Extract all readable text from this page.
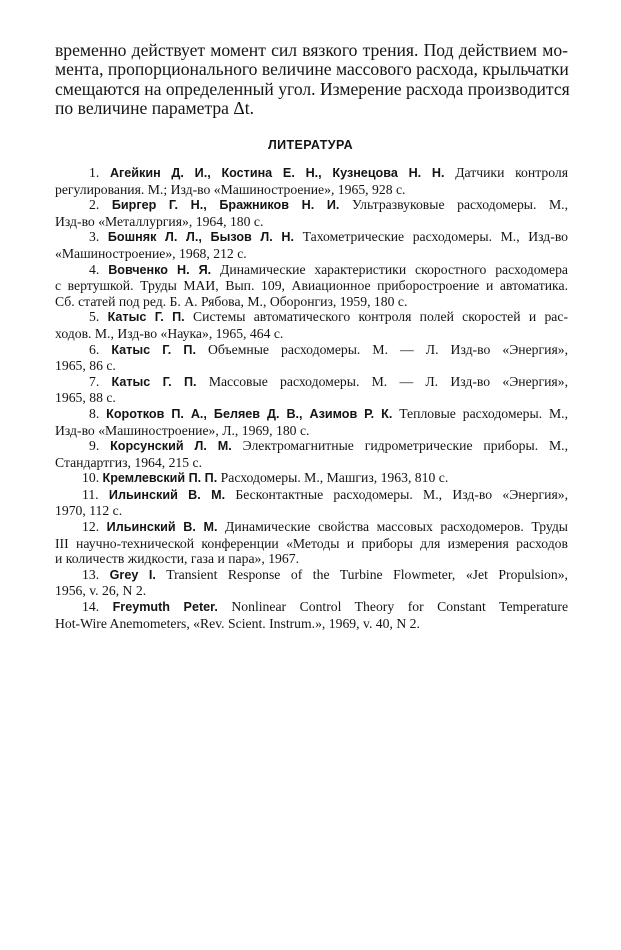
временно действует момент сил вязкого трения. Под действием мо-
мента, пропорционального величине массового расхода, крыльчатки
смещаются на определенный угол. Измерение расхода производится
по величине параметра Δt.
ЛИТЕРАТУРА
1. Агейкин Д. И., Костина Е. Н., Кузнецова Н. Н. Датчики контроля
регулирования. М.; Изд-во «Машиностроение», 1965, 928 с.
2. Биргер Г. Н., Бражников Н. И. Ультразвуковые расходомеры. М.,
Изд-во «Металлургия», 1964, 180 с.
3. Бошняк Л. Л., Бызов Л. Н. Тахометрические расходомеры. М., Изд-во
«Машиностроение», 1968, 212 с.
4. Вовченко Н. Я. Динамические характеристики скоростного расходомера
с вертушкой. Труды МАИ, Вып. 109, Авиационное приборостроение и автоматика.
Сб. статей под ред. Б. А. Рябова, М., Оборонгиз, 1959, 180 с.
5. Катыс Г. П. Системы автоматического контроля полей скоростей и рас-
ходов. М., Изд-во «Наука», 1965, 464 с.
6. Катыс Г. П. Объемные расходомеры. М. — Л. Изд-во «Энергия»,
1965, 86 с.
7. Катыс Г. П. Массовые расходомеры. М. — Л. Изд-во «Энергия»,
1965, 88 с.
8. Коротков П. А., Беляев Д. В., Азимов Р. К. Тепловые расходомеры. М.,
Изд-во «Машиностроение», Л., 1969, 180 с.
9. Корсунский Л. М. Электромагнитные гидрометрические приборы. М.,
Стандартгиз, 1964, 215 с.
10. Кремлевский П. П. Расходомеры. М., Машгиз, 1963, 810 с.
11. Ильинский В. М. Бесконтактные расходомеры. М., Изд-во «Энергия»,
1970, 112 с.
12. Ильинский В. М. Динамические свойства массовых расходомеров. Труды
III научно-технической конференции «Методы и приборы для измерения расходов
и количеств жидкости, газа и пара», 1967.
13. Grey I. Transient Response of the Turbine Flowmeter, «Jet Propulsion»,
1956, v. 26, N 2.
14. Freymuth Peter. Nonlinear Control Theory for Constant Temperature
Hot-Wire Anemometers, «Rev. Scient. Instrum.», 1969, v. 40, N 2.
